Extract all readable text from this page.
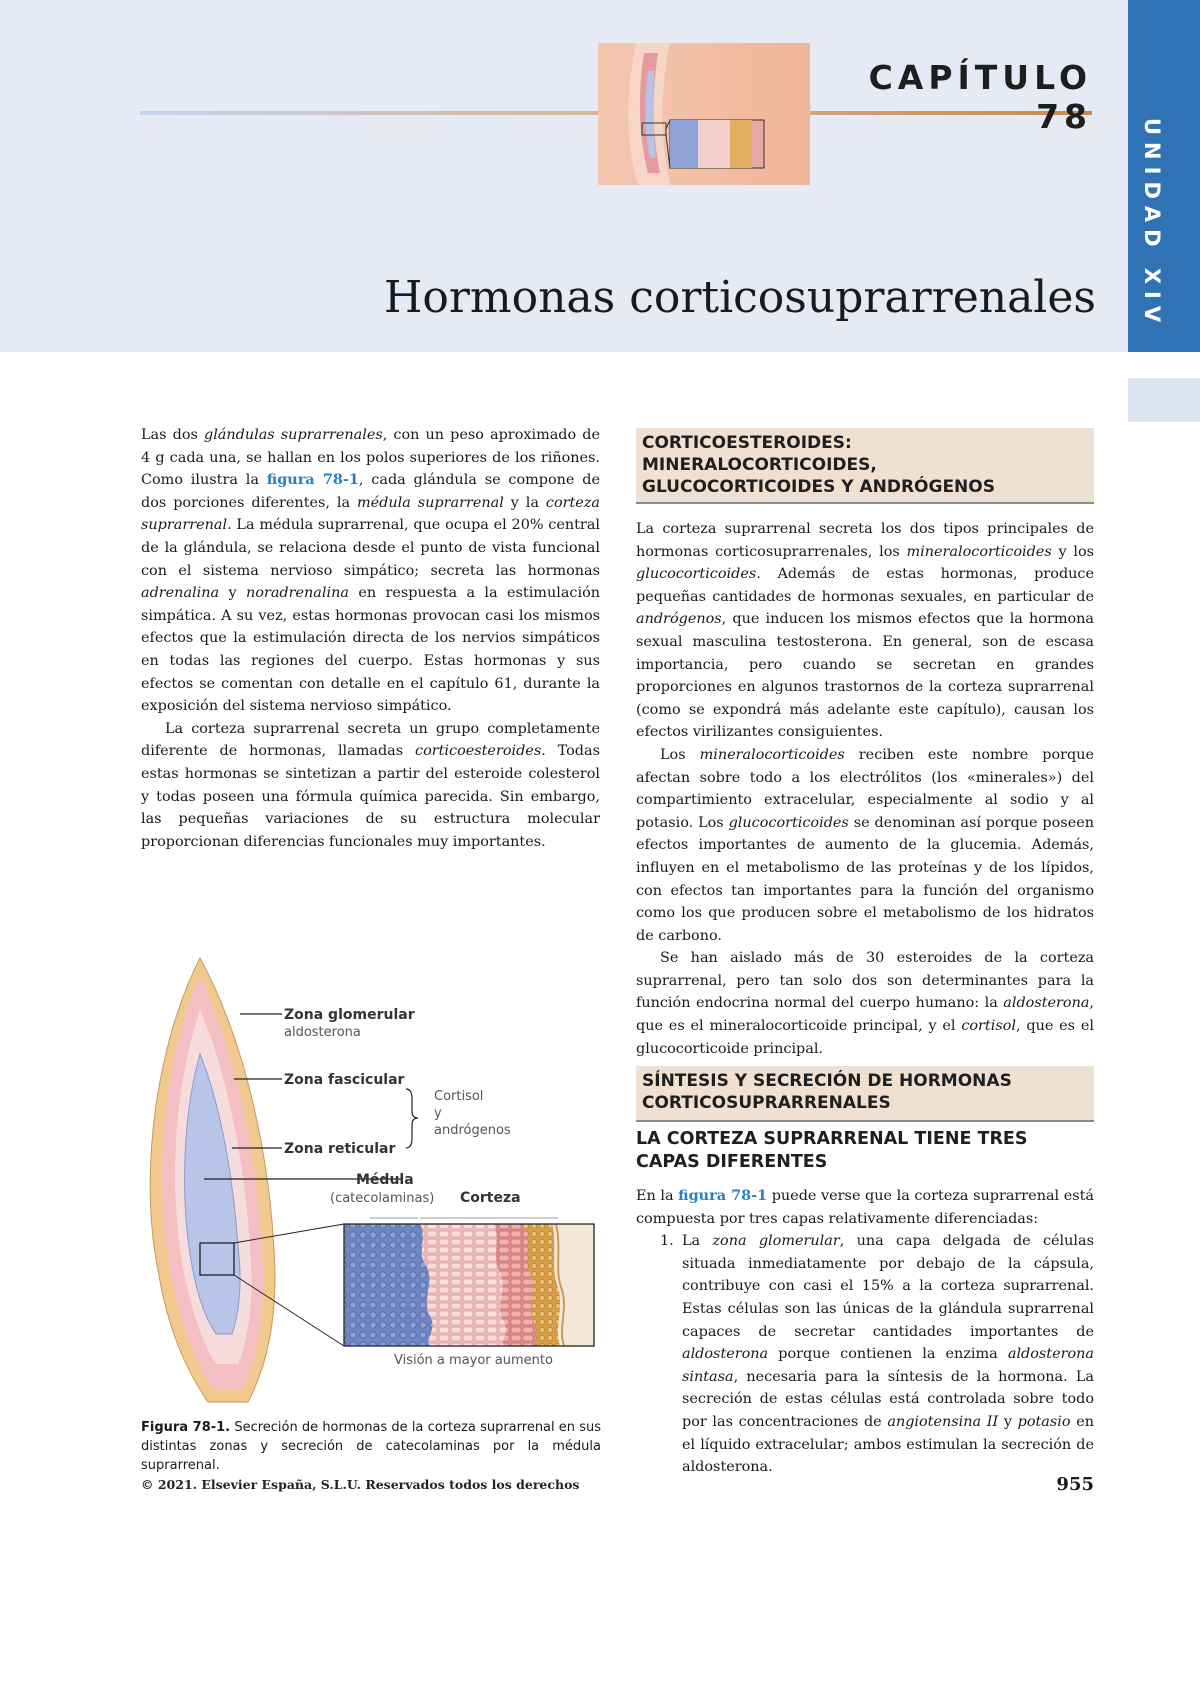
CAPÍTULO 78
Hormonas corticosuprarrenales UNIDAD XIV

Las dos glándulas suprarrenales, con un peso aproximado de 4 g cada una, se hallan en los polos superiores de los riñones. Como ilustra la figura 78-1, cada glándula se compone de dos porciones diferentes, la médula suprarrenal y la corteza suprarrenal. La médula suprarrenal, que ocupa el 20% central de la glándula, se relaciona desde el punto de vista funcional con el sistema nervioso simpático; secreta las hormonas adrenalina y noradrenalina en respuesta a la estimulación simpática. A su vez, estas hormonas provocan casi los mismos efectos que la estimulación directa de los nervios simpáticos en todas las regiones del cuerpo. Estas hormonas y sus efectos se comentan con detalle en el capítulo 61, durante la exposición del sistema nervioso simpático.

La corteza suprarrenal secreta un grupo completamente diferente de hormonas, llamadas corticoesteroides. Todas estas hormonas se sintetizan a partir del esteroide colesterol y todas poseen una fórmula química parecida. Sin embargo, las pequeñas variaciones de su estructura molecular proporcionan diferencias funcionales muy importantes.

Zona glomerular
aldosterona
Zona fascicular
Zona reticular
Cortisol
y
andrógenos
Médula
(catecolaminas) Corteza
Visión a mayor aumento
Figura 78-1. Secreción de hormonas de la corteza suprarrenal en sus distintas zonas y secreción de catecolaminas por la médula suprarrenal.
CORTICOESTEROIDES:
MINERALOCORTICOIDES,
GLUCOCORTICOIDES Y ANDRÓGENOS

La corteza suprarrenal secreta los dos tipos principales de hormonas corticosuprarrenales, los mineralocorticoides y los glucocorticoides. Además de estas hormonas, produce pequeñas cantidades de hormonas sexuales, en particular de andrógenos, que inducen los mismos efectos que la hormona sexual masculina testosterona. En general, son de escasa importancia, pero cuando se secretan en grandes proporciones en algunos trastornos de la corteza suprarrenal (como se expondrá más adelante este capítulo), causan los efectos virilizantes consiguientes.

Los mineralocorticoides reciben este nombre porque afectan sobre todo a los electrólitos (los «minerales») del compartimiento extracelular, especialmente al sodio y al potasio. Los glucocorticoides se denominan así porque poseen efectos importantes de aumento de la glucemia. Además, influyen en el metabolismo de las proteínas y de los lípidos, con efectos tan importantes para la función del organismo como los que producen sobre el metabolismo de los hidratos de carbono.

Se han aislado más de 30 esteroides de la corteza suprarrenal, pero tan solo dos son determinantes para la función endocrina normal del cuerpo humano: la aldosterona, que es el mineralocorticoide principal, y el cortisol, que es el glucocorticoide principal.

SÍNTESIS Y SECRECIÓN DE HORMONAS
CORTICOSUPRARRENALES
LA CORTEZA SUPRARRENAL TIENE TRES
CAPAS DIFERENTES

En la figura 78-1 puede verse que la corteza suprarrenal está compuesta por tres capas relativamente diferenciadas:

1. La zona glomerular, una capa delgada de células situada inmediatamente por debajo de la cápsula, contribuye con casi el 15% a la corteza suprarrenal. Estas células son las únicas de la glándula suprarrenal capaces de secretar cantidades importantes de aldosterona porque contienen la enzima aldosterona sintasa, necesaria para la síntesis de la hormona. La secreción de estas células está controlada sobre todo por las concentraciones de angiotensina II y potasio en el líquido extracelular; ambos estimulan la secreción de aldosterona.

© 2021. Elsevier España, S.L.U. Reservados todos los derechos	955
